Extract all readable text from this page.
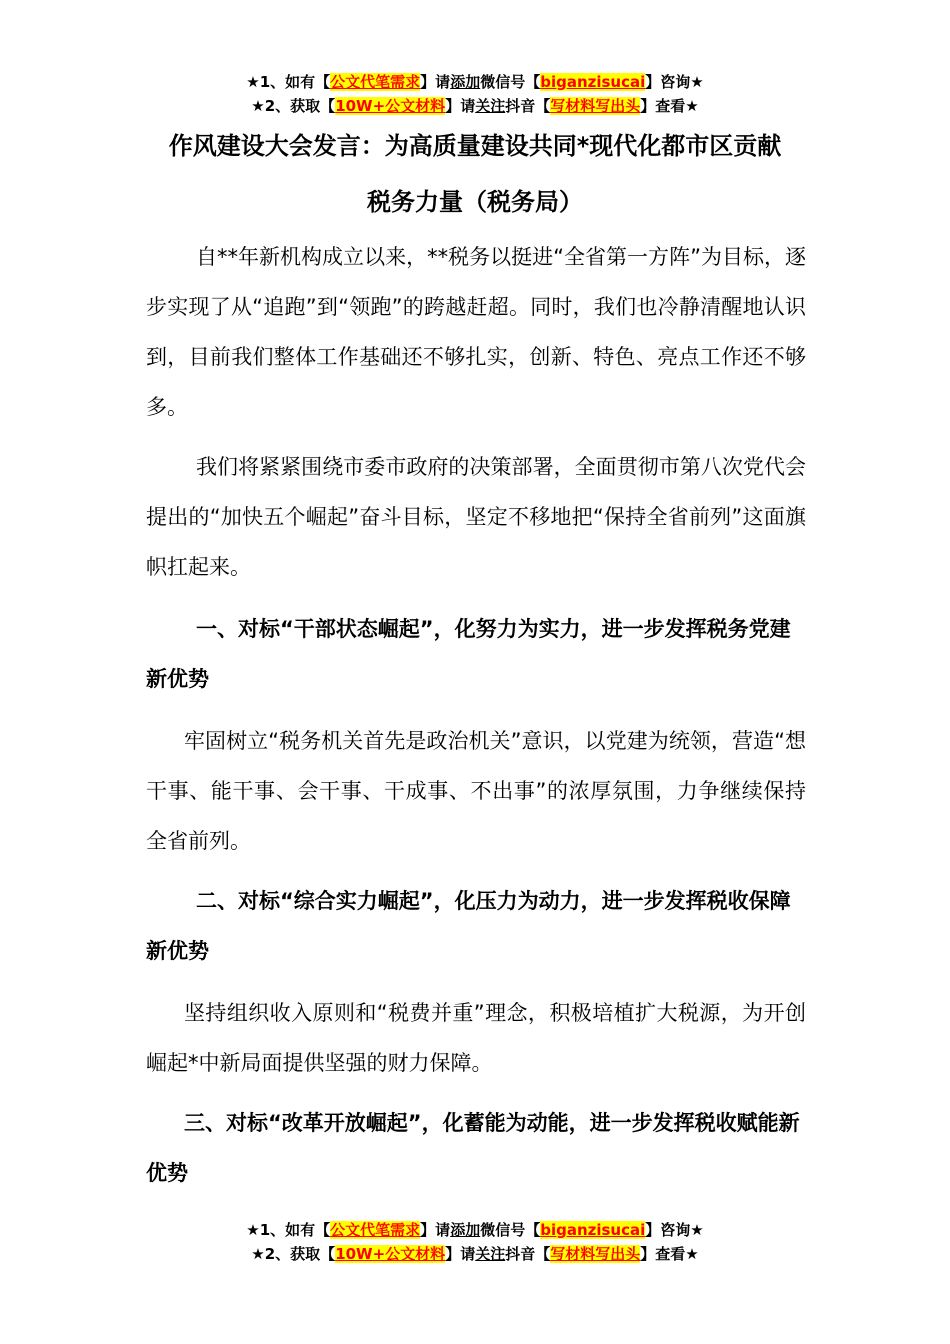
★1、如有【公文代笔需求】请添加微信号【biganzisucai】咨询★
★2、获取【10W+公文材料】请关注抖音【写材料写出头】查看★
作风建设大会发言：为高质量建设共同*现代化都市区贡献
税务力量（税务局）
自**年新机构成立以来，**税务以挺进“全省第一方阵”为目标，逐步实现了从“追跑”到“领跑”的跨越赶超。同时，我们也冷静清醒地认识到，目前我们整体工作基础还不够扎实，创新、特色、亮点工作还不够多。
我们将紧紧围绕市委市政府的决策部署，全面贯彻市第八次党代会提出的“加快五个崛起”奋斗目标，坚定不移地把“保持全省前列”这面旗帜扛起来。
一、对标“干部状态崛起”，化努力为实力，进一步发挥税务党建新优势
牢固树立“税务机关首先是政治机关”意识，以党建为统领，营造“想干事、能干事、会干事、干成事、不出事”的浓厚氛围，力争继续保持全省前列。
二、对标“综合实力崛起”，化压力为动力，进一步发挥税收保障新优势
坚持组织收入原则和“税费并重”理念，积极培植扩大税源，为开创崛起*中新局面提供坚强的财力保障。
三、对标“改革开放崛起”，化蓄能为动能，进一步发挥税收赋能新优势
★1、如有【公文代笔需求】请添加微信号【biganzisucai】咨询★
★2、获取【10W+公文材料】请关注抖音【写材料写出头】查看★
